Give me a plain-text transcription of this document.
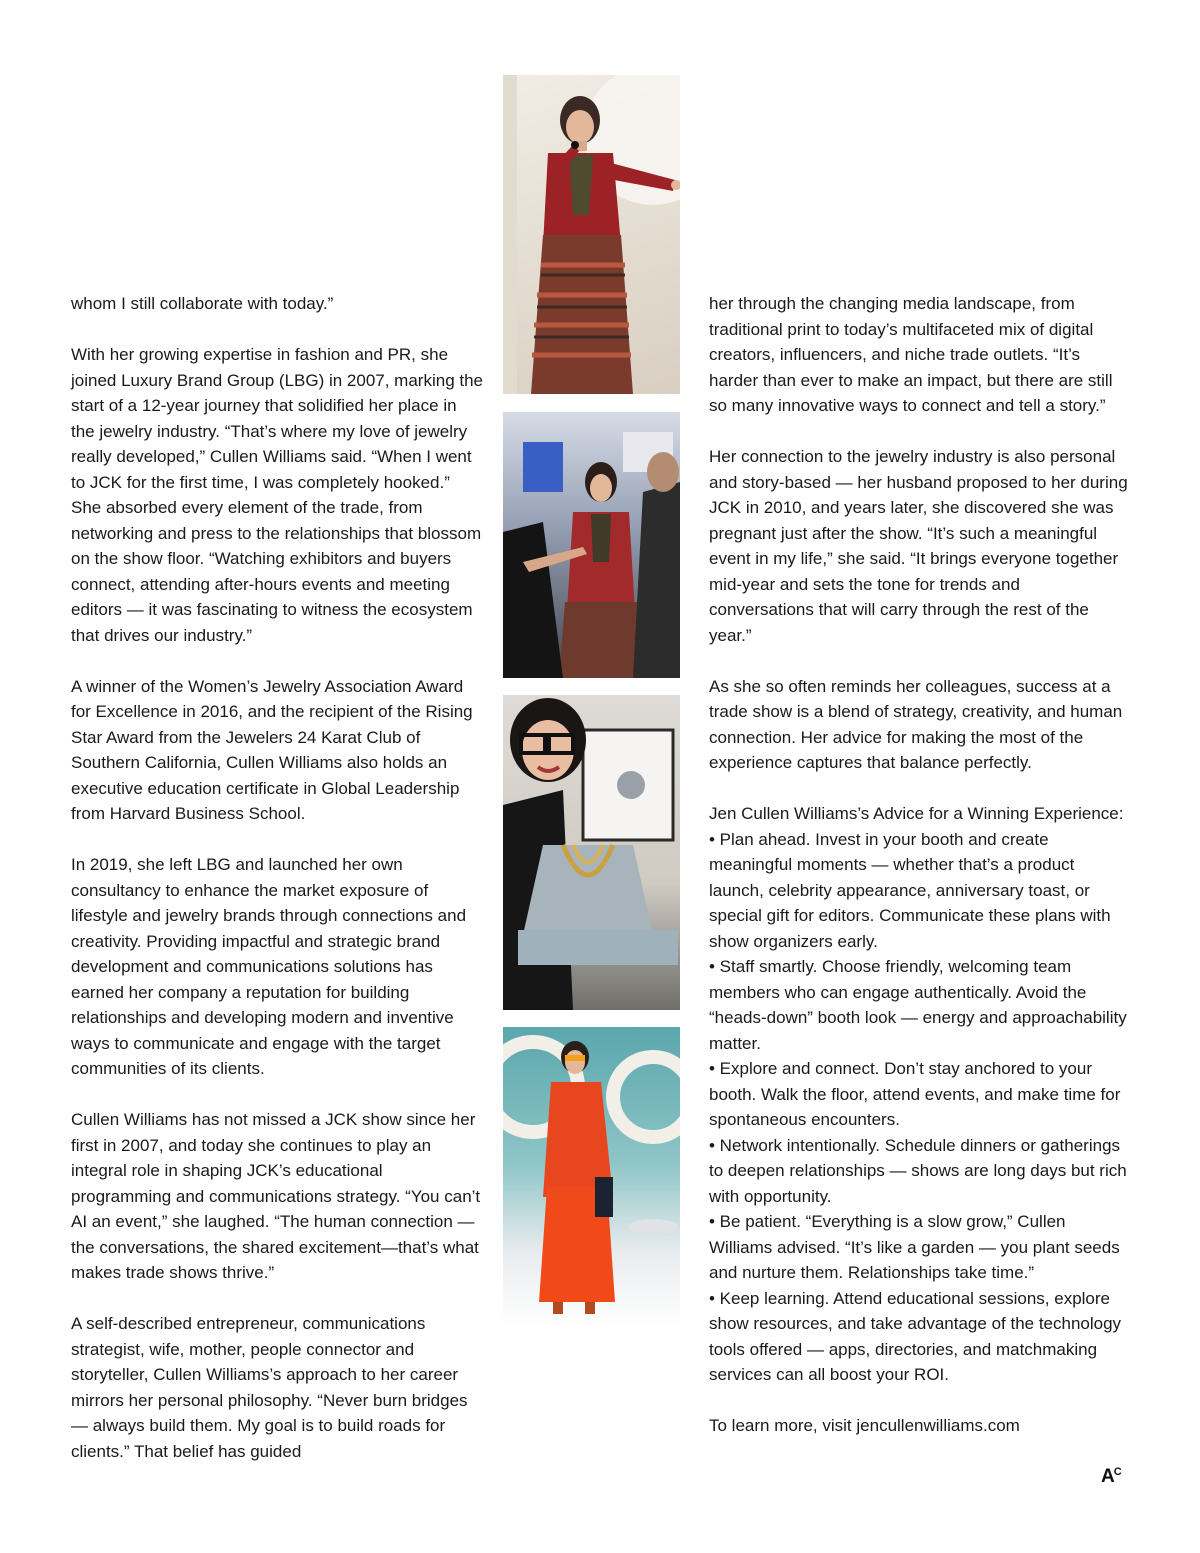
whom I still collaborate with today.”

With her growing expertise in fashion and PR, she joined Luxury Brand Group (LBG) in 2007, marking the start of a 12-year journey that solidified her place in the jewelry industry. “That’s where my love of jewelry really developed,” Cullen Williams said. “When I went to JCK for the first time, I was completely hooked.” She absorbed every element of the trade, from networking and press to the relationships that blossom on the show floor. “Watching exhibitors and buyers connect, attending after-hours events and meeting editors — it was fascinating to witness the ecosystem that drives our industry.”

A winner of the Women’s Jewelry Association Award for Excellence in 2016, and the recipient of the Rising Star Award from the Jewelers 24 Karat Club of Southern California, Cullen Williams also holds an executive education certificate in Global Leadership from Harvard Business School.

In 2019, she left LBG and launched her own consultancy to enhance the market exposure of lifestyle and jewelry brands through connections and creativity. Providing impactful and strategic brand development and communications solutions has earned her company a reputation for building relationships and developing modern and inventive ways to communicate and engage with the target communities of its clients.

Cullen Williams has not missed a JCK show since her first in 2007, and today she continues to play an integral role in shaping JCK’s educational programming and communications strategy. “You can’t AI an event,” she laughed. “The human connection — the conversations, the shared excitement—that’s what makes trade shows thrive.”

A self-described entrepreneur, communications strategist, wife, mother, people connector and storyteller, Cullen Williams’s approach to her career mirrors her personal philosophy. “Never burn bridges — always build them. My goal is to build roads for clients.” That belief has guided

her through the changing media landscape, from traditional print to today’s multifaceted mix of digital creators, influencers, and niche trade outlets. “It’s harder than ever to make an impact, but there are still so many innovative ways to connect and tell a story.”

Her connection to the jewelry industry is also personal and story-based — her husband proposed to her during JCK in 2010, and years later, she discovered she was pregnant just after the show. “It’s such a meaningful event in my life,” she said. “It brings everyone together mid-year and sets the tone for trends and conversations that will carry through the rest of the year.”

As she so often reminds her colleagues, success at a trade show is a blend of strategy, creativity, and human connection. Her advice for making the most of the experience captures that balance perfectly.

Jen Cullen Williams’s Advice for a Winning Experience:
• Plan ahead. Invest in your booth and create meaningful moments — whether that’s a product launch, celebrity appearance, anniversary toast, or special gift for editors. Communicate these plans with show organizers early.
• Staff smartly. Choose friendly, welcoming team members who can engage authentically. Avoid the “heads-down” booth look — energy and approachability matter.
• Explore and connect. Don’t stay anchored to your booth. Walk the floor, attend events, and make time for spontaneous encounters.
• Network intentionally. Schedule dinners or gatherings to deepen relationships — shows are long days but rich with opportunity.
• Be patient. “Everything is a slow grow,” Cullen Williams advised. “It’s like a garden — you plant seeds and nurture them. Relationships take time.”
• Keep learning. Attend educational sessions, explore show resources, and take advantage of the technology tools offered — apps, directories, and matchmaking services can all boost your ROI.

To learn more, visit jencullenwilliams.com

$A^C$
